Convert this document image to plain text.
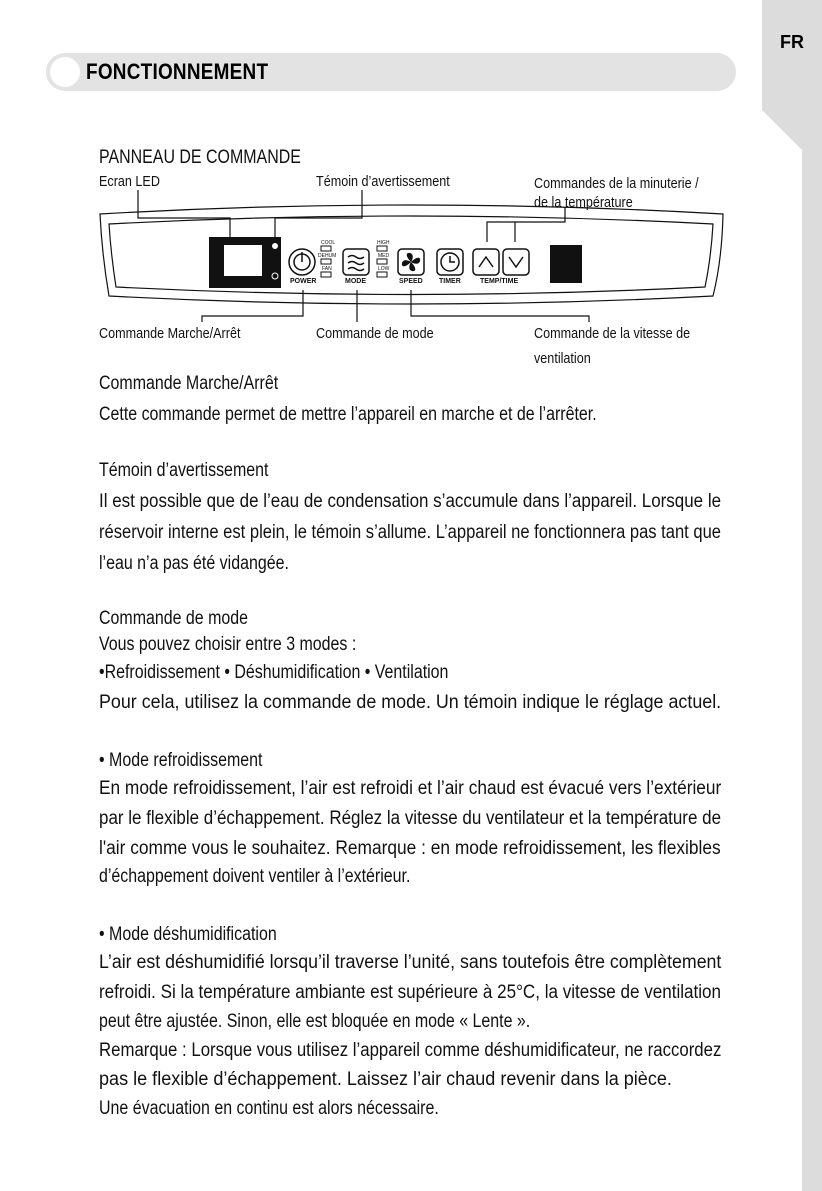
FR
FONCTIONNEMENT
PANNEAU DE COMMANDE
Ecran LED	Témoin d’avertissement	Commandes de la minuterie /
de la température
Commande Marche/Arrêt	Commande de mode	Commande de la vitesse de
ventilation
POWER	MODE	SPEED TIMER	TEMP/TIME
COOL
DEHUM
FAN
HIGH
MED
LOW
Commande Marche/Arrêt
Cette commande permet de mettre l’appareil en marche et de l’arrêter.
Témoin d’avertissement
Il est possible que de l’eau de condensation s’accumule dans l’appareil. Lorsque le
réservoir interne est plein, le témoin s’allume. L’appareil ne fonctionnera pas tant que
l’eau n’a pas été vidangée.
Commande de mode
Vous pouvez choisir entre 3 modes :
•Refroidissement • Déshumidification • Ventilation
Pour cela, utilisez la commande de mode. Un témoin indique le réglage actuel.
• Mode refroidissement
En mode refroidissement, l’air est refroidi et l’air chaud est évacué vers l’extérieur
par le flexible d’échappement. Réglez la vitesse du ventilateur et la température de
l'air comme vous le souhaitez. Remarque : en mode refroidissement, les flexibles
d’échappement doivent ventiler à l’extérieur.
• Mode déshumidification
L’air est déshumidifié lorsqu’il traverse l’unité, sans toutefois être complètement
refroidi. Si la température ambiante est supérieure à 25°C, la vitesse de ventilation
peut être ajustée. Sinon, elle est bloquée en mode « Lente ».
Remarque : Lorsque vous utilisez l’appareil comme déshumidificateur, ne raccordez
pas le flexible d’échappement. Laissez l’air chaud revenir dans la pièce.
Une évacuation en continu est alors nécessaire.
